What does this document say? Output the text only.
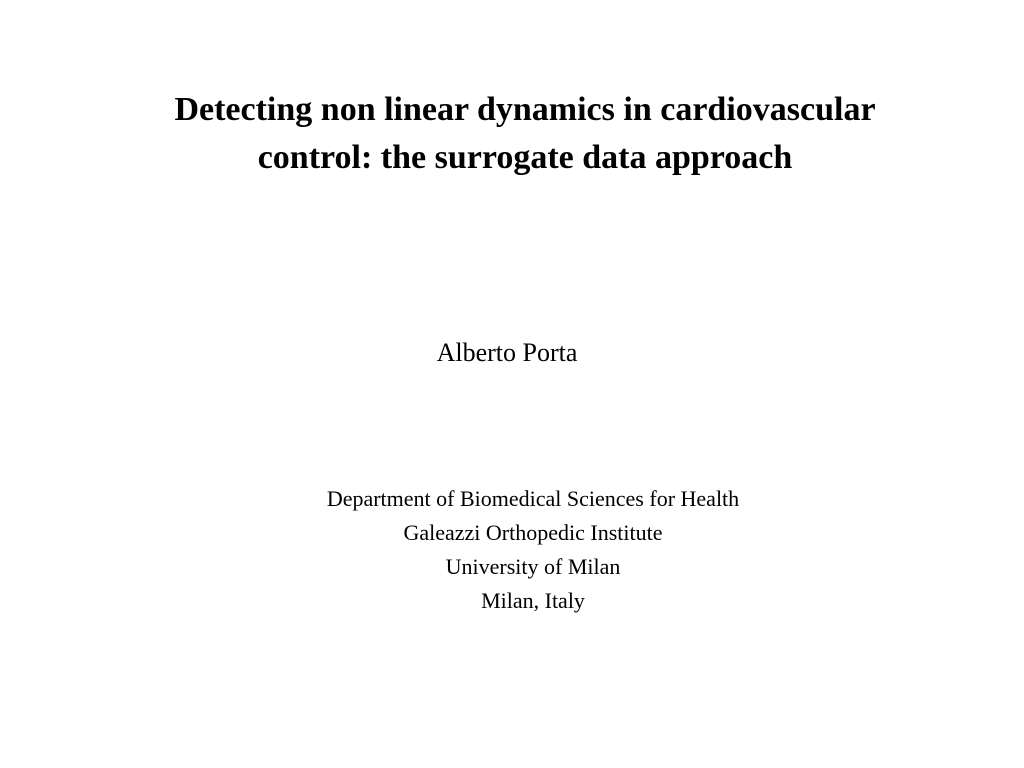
Detecting non linear dynamics in cardiovascular
control: the surrogate data approach
Alberto Porta
Department of Biomedical Sciences for Health
Galeazzi Orthopedic Institute
University of Milan
Milan, Italy
